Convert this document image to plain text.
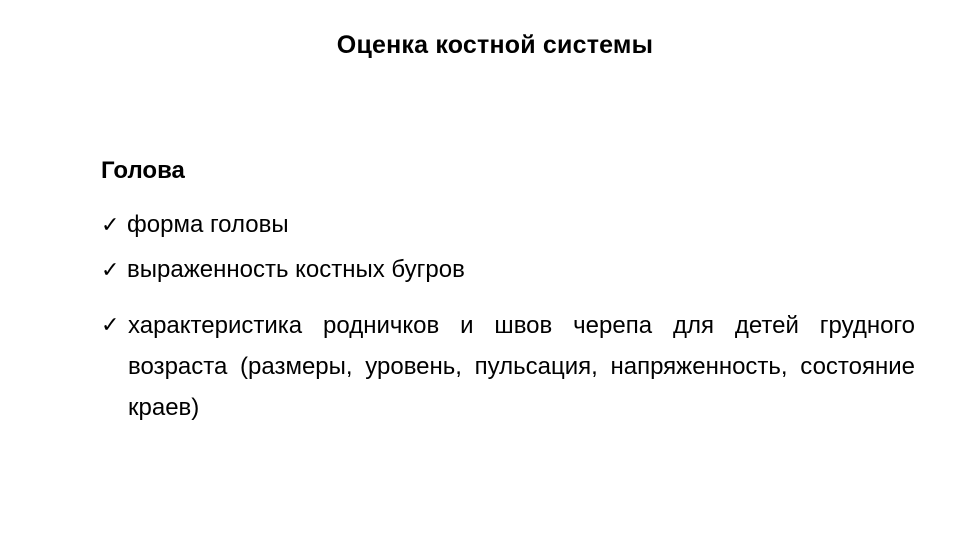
Оценка костной системы
Голова
✓ форма головы
✓ выраженность костных бугров
✓ характеристика родничков и швов черепа для детей грудного возраста (размеры, уровень, пульсация, напряженность, состояние краев)
